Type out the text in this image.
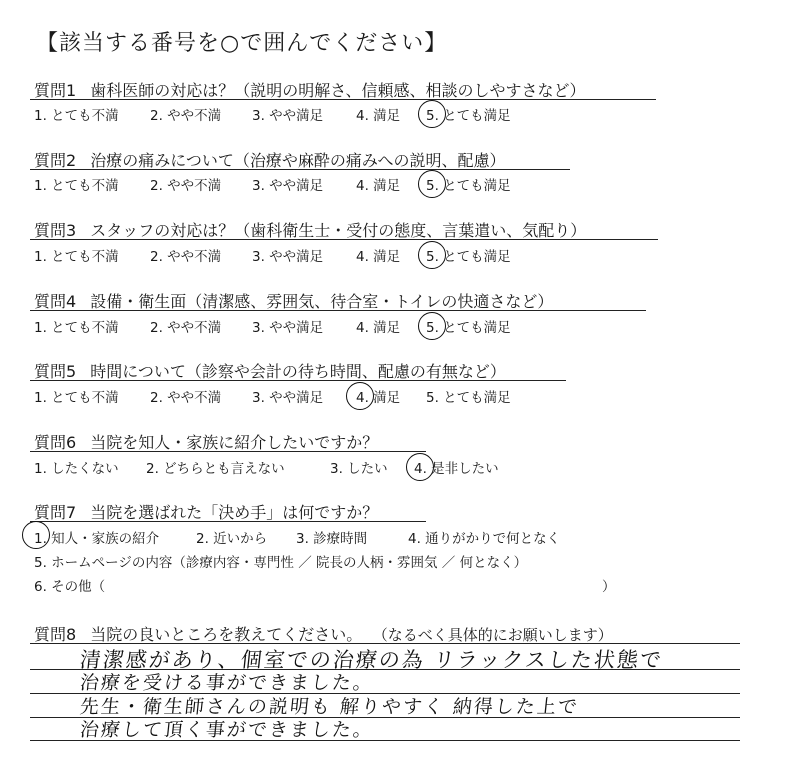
【該当する番号を○で囲んでください】
質問1 歯科医師の対応は？（説明の明解さ、信頼感、相談のしやすさなど）
1. とても不満 2. やや不満 3. やや満足 4. 満足 5. とても満足
質問2 治療の痛みについて（治療や麻酔の痛みへの説明、配慮）
1. とても不満 2. やや不満 3. やや満足 4. 満足 5. とても満足
質問3 スタッフの対応は？（歯科衛生士・受付の態度、言葉遣い、気配り）
1. とても不満 2. やや不満 3. やや満足 4. 満足 5. とても満足
質問4 設備・衛生面（清潔感、雰囲気、待合室・トイレの快適さなど）
1. とても不満 2. やや不満 3. やや満足 4. 満足 5. とても満足
質問5 時間について（診察や会計の待ち時間、配慮の有無など）
1. とても不満 2. やや不満 3. やや満足 4. 満足 5. とても満足
質問6 当院を知人・家族に紹介したいですか？
1. したくない 2. どちらとも言えない	3. したい 4. 是非したい
質問7 当院を選ばれた「決め手」は何ですか？
1. 知人・家族の紹介	2. 近いから 3. 診療時間	4. 通りがかりで何となく
5. ホームページの内容（診療内容・専門性 ／ 院長の人柄・雰囲気 ／ 何となく）
6. その他（	）
質問8 当院の良いところを教えてください。 （なるべく具体的にお願いします）
清潔感があり、個室での治療の為 リラックスした状態で
治療を受ける事ができました。
先生・衛生師さんの説明も 解りやすく 納得した上で
治療して頂く事ができました。
